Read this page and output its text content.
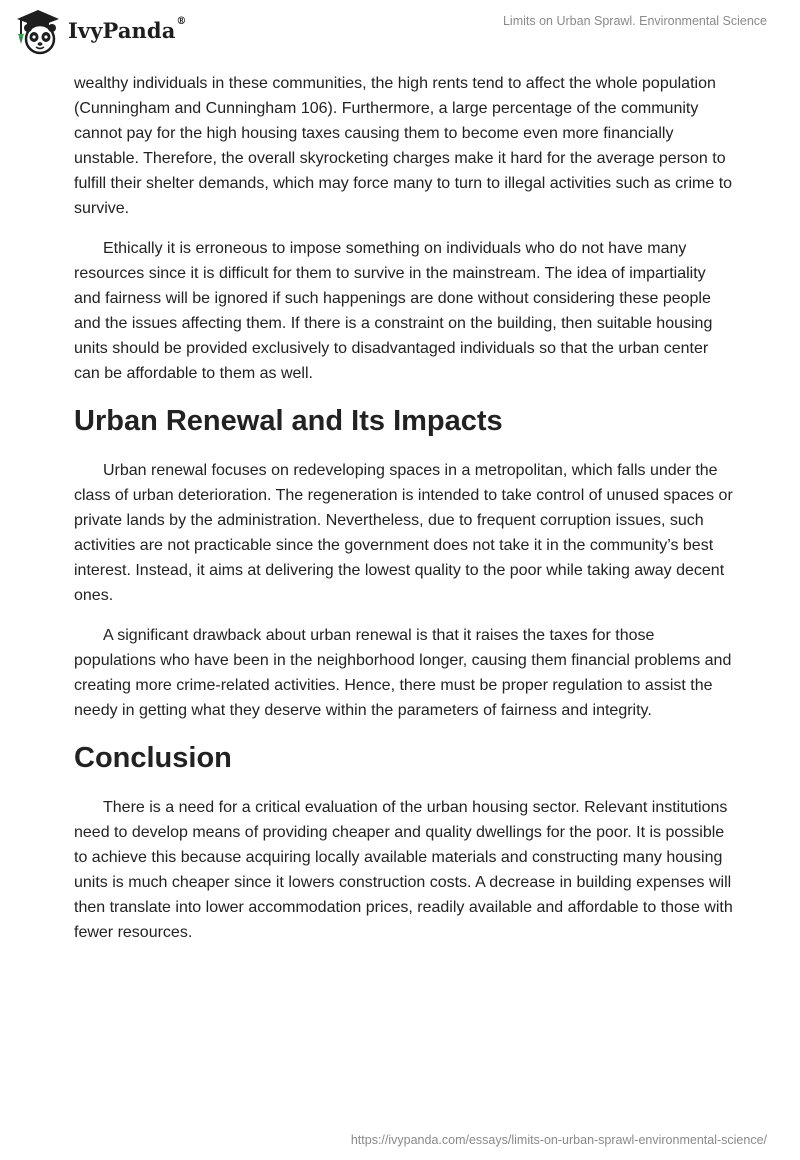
IvyPanda®	Limits on Urban Sprawl. Environmental Science

wealthy individuals in these communities, the high rents tend to affect the whole population (Cunningham and Cunningham 106). Furthermore, a large percentage of the community cannot pay for the high housing taxes causing them to become even more financially unstable. Therefore, the overall skyrocketing charges make it hard for the average person to fulfill their shelter demands, which may force many to turn to illegal activities such as crime to survive.

Ethically it is erroneous to impose something on individuals who do not have many resources since it is difficult for them to survive in the mainstream. The idea of impartiality and fairness will be ignored if such happenings are done without considering these people and the issues affecting them. If there is a constraint on the building, then suitable housing units should be provided exclusively to disadvantaged individuals so that the urban center can be affordable to them as well.

Urban Renewal and Its Impacts

Urban renewal focuses on redeveloping spaces in a metropolitan, which falls under the class of urban deterioration. The regeneration is intended to take control of unused spaces or private lands by the administration. Nevertheless, due to frequent corruption issues, such activities are not practicable since the government does not take it in the community’s best interest. Instead, it aims at delivering the lowest quality to the poor while taking away decent ones.

A significant drawback about urban renewal is that it raises the taxes for those populations who have been in the neighborhood longer, causing them financial problems and creating more crime-related activities. Hence, there must be proper regulation to assist the needy in getting what they deserve within the parameters of fairness and integrity.

Conclusion

There is a need for a critical evaluation of the urban housing sector. Relevant institutions need to develop means of providing cheaper and quality dwellings for the poor. It is possible to achieve this because acquiring locally available materials and constructing many housing units is much cheaper since it lowers construction costs. A decrease in building expenses will then translate into lower accommodation prices, readily available and affordable to those with fewer resources.

https://ivypanda.com/essays/limits-on-urban-sprawl-environmental-science/
